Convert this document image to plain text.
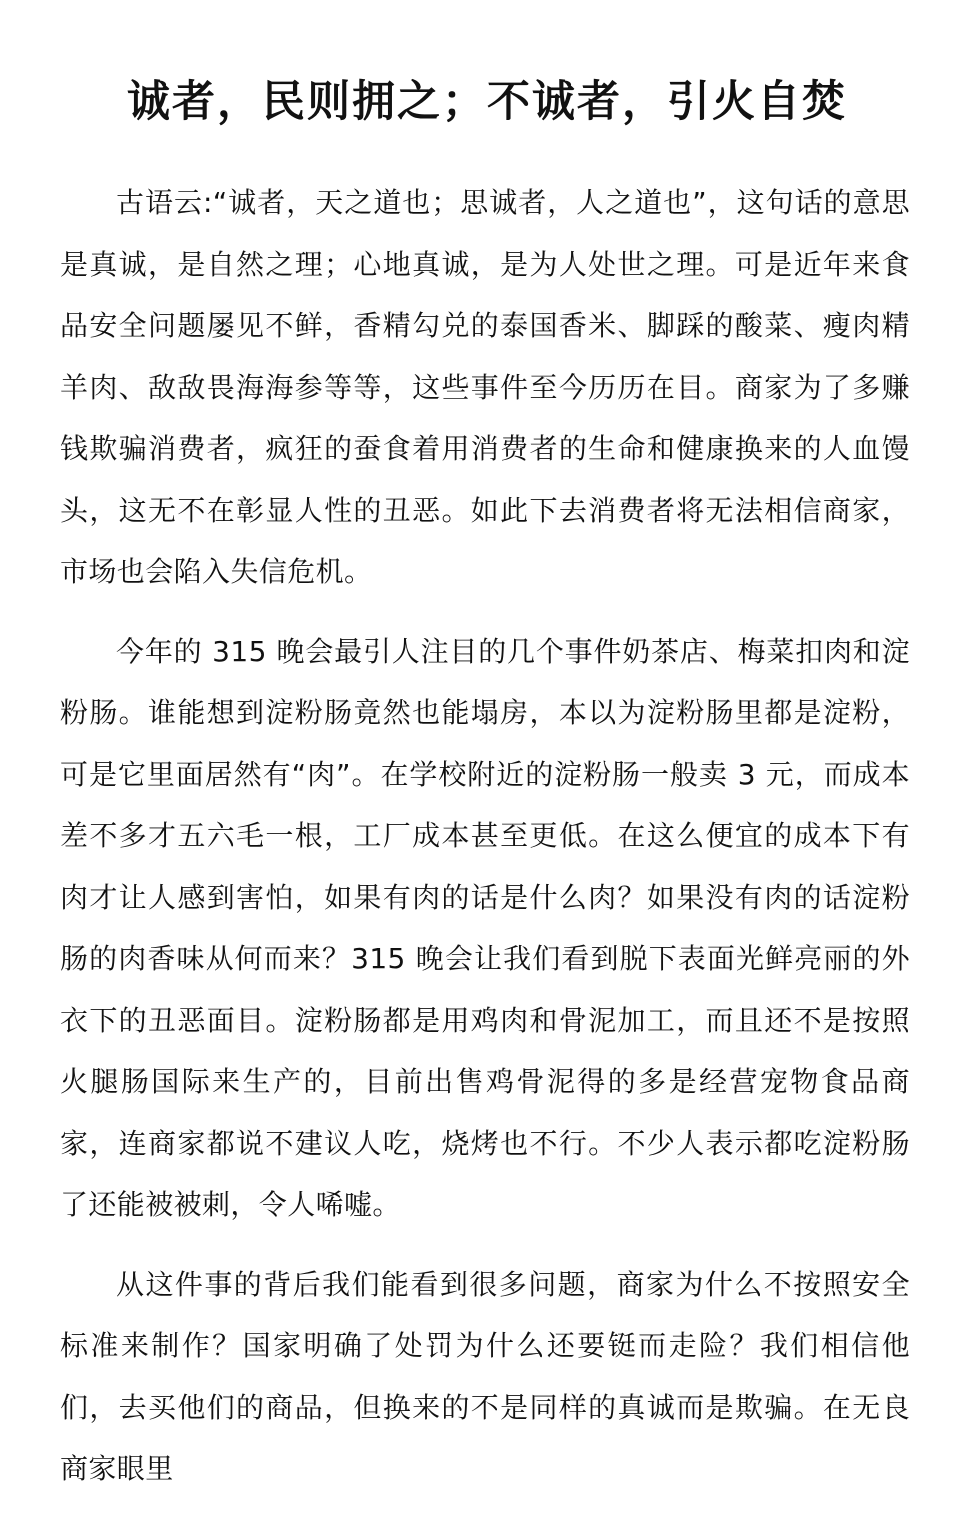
诚者，民则拥之；不诚者，引火自焚

古语云:“诚者，天之道也；思诚者，人之道也”，这句话的意思是真诚，是自然之理；心地真诚，是为人处世之理。可是近年来食品安全问题屡见不鲜，香精勾兑的泰国香米、脚踩的酸菜、瘦肉精羊肉、敌敌畏海海参等等，这些事件至今历历在目。商家为了多赚钱欺骗消费者，疯狂的蚕食着用消费者的生命和健康换来的人血馒头，这无不在彰显人性的丑恶。如此下去消费者将无法相信商家，市场也会陷入失信危机。

今年的 315 晚会最引人注目的几个事件奶茶店、梅菜扣肉和淀粉肠。谁能想到淀粉肠竟然也能塌房，本以为淀粉肠里都是淀粉，可是它里面居然有“肉”。在学校附近的淀粉肠一般卖 3 元，而成本差不多才五六毛一根，工厂成本甚至更低。在这么便宜的成本下有肉才让人感到害怕，如果有肉的话是什么肉？如果没有肉的话淀粉肠的肉香味从何而来？315 晚会让我们看到脱下表面光鲜亮丽的外衣下的丑恶面目。淀粉肠都是用鸡肉和骨泥加工，而且还不是按照火腿肠国际来生产的，目前出售鸡骨泥得的多是经营宠物食品商家，连商家都说不建议人吃，烧烤也不行。不少人表示都吃淀粉肠了还能被被刺，令人唏嘘。

从这件事的背后我们能看到很多问题，商家为什么不按照安全标准来制作？国家明确了处罚为什么还要铤而走险？我们相信他们，去买他们的商品，但换来的不是同样的真诚而是欺骗。在无良商家眼里
